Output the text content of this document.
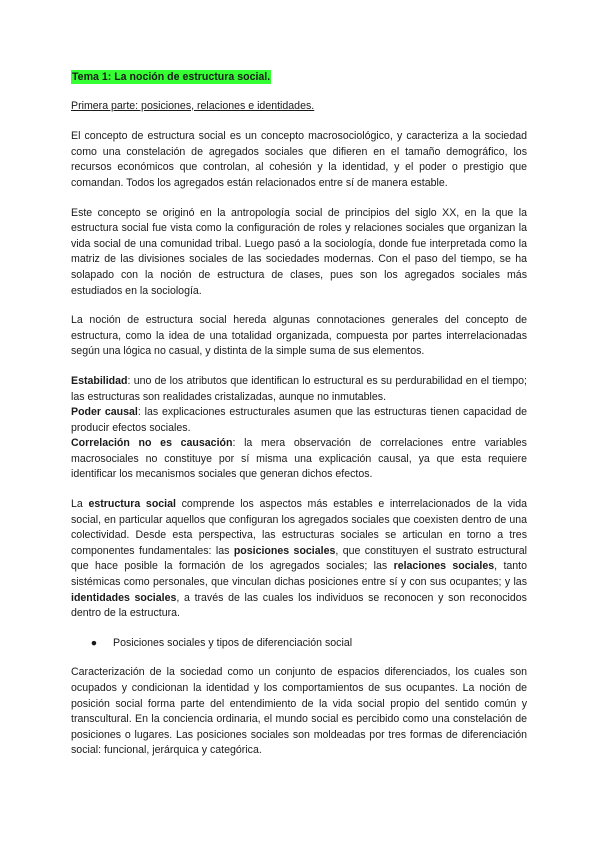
Tema 1: La noción de estructura social.
Primera parte: posiciones, relaciones e identidades.

El concepto de estructura social es un concepto macrosociológico, y caracteriza a la sociedad como una constelación de agregados sociales que difieren en el tamaño demográfico, los recursos económicos que controlan, al cohesión y la identidad, y el poder o prestigio que comandan. Todos los agregados están relacionados entre sí de manera estable.

Este concepto se originó en la antropología social de principios del siglo XX, en la que la estructura social fue vista como la configuración de roles y relaciones sociales que organizan la vida social de una comunidad tribal. Luego pasó a la sociología, donde fue interpretada como la matriz de las divisiones sociales de las sociedades modernas. Con el paso del tiempo, se ha solapado con la noción de estructura de clases, pues son los agregados sociales más estudiados en la sociología.

La noción de estructura social hereda algunas connotaciones generales del concepto de estructura, como la idea de una totalidad organizada, compuesta por partes interrelacionadas según una lógica no casual, y distinta de la simple suma de sus elementos.

Estabilidad: uno de los atributos que identifican lo estructural es su perdurabilidad en el tiempo; las estructuras son realidades cristalizadas, aunque no inmutables.

Poder causal: las explicaciones estructurales asumen que las estructuras tienen capacidad de producir efectos sociales.

Correlación no es causación: la mera observación de correlaciones entre variables macrosociales no constituye por sí misma una explicación causal, ya que esta requiere identificar los mecanismos sociales que generan dichos efectos.

La estructura social comprende los aspectos más estables e interrelacionados de la vida social, en particular aquellos que configuran los agregados sociales que coexisten dentro de una colectividad. Desde esta perspectiva, las estructuras sociales se articulan en torno a tres componentes fundamentales: las posiciones sociales, que constituyen el sustrato estructural que hace posible la formación de los agregados sociales; las relaciones sociales, tanto sistémicas como personales, que vinculan dichas posiciones entre sí y con sus ocupantes; y las identidades sociales, a través de las cuales los individuos se reconocen y son reconocidos dentro de la estructura.

●	Posiciones sociales y tipos de diferenciación social

Caracterización de la sociedad como un conjunto de espacios diferenciados, los cuales son ocupados y condicionan la identidad y los comportamientos de sus ocupantes. La noción de posición social forma parte del entendimiento de la vida social propio del sentido común y transcultural. En la conciencia ordinaria, el mundo social es percibido como una constelación de posiciones o lugares. Las posiciones sociales son moldeadas por tres formas de diferenciación social: funcional, jerárquica y categórica.
